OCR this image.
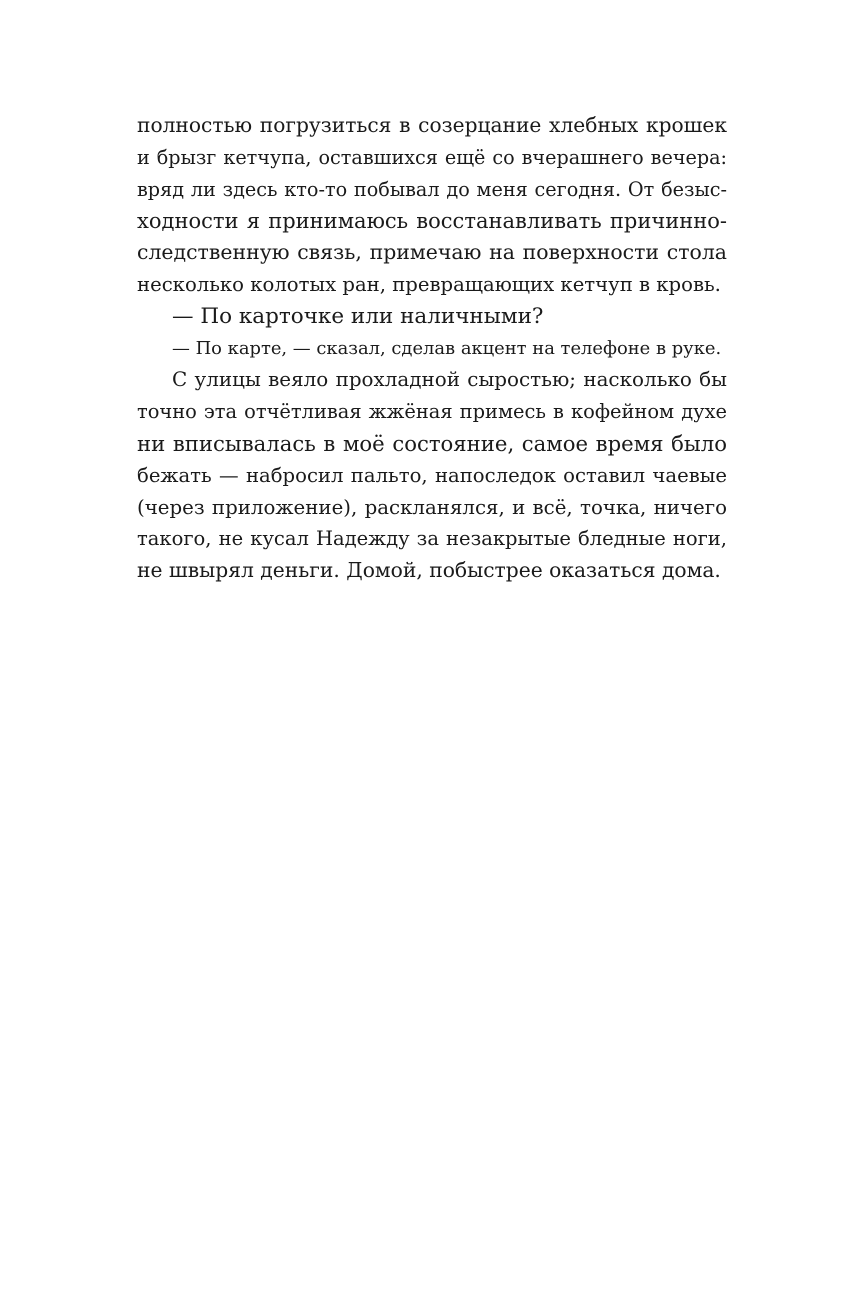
полностью погрузиться в созерцание хлебных крошек
и брызг кетчупа, оставшихся ещё со вчерашнего вечера:
вряд ли здесь кто-то побывал до меня сегодня. От безыс-
ходности я принимаюсь восстанавливать причинно-
следственную связь, примечаю на поверхности стола
несколько колотых ран, превращающих кетчуп в кровь.
— По карточке или наличными?
— По карте, — сказал, сделав акцент на телефоне в руке.
С улицы веяло прохладной сыростью; насколько бы
точно эта отчётливая жжёная примесь в кофейном духе
ни вписывалась в моё состояние, самое время было
бежать — набросил пальто, напоследок оставил чаевые
(через приложение), раскланялся, и всё, точка, ничего
такого, не кусал Надежду за незакрытые бледные ноги,
не швырял деньги. Домой, побыстрее оказаться дома.
